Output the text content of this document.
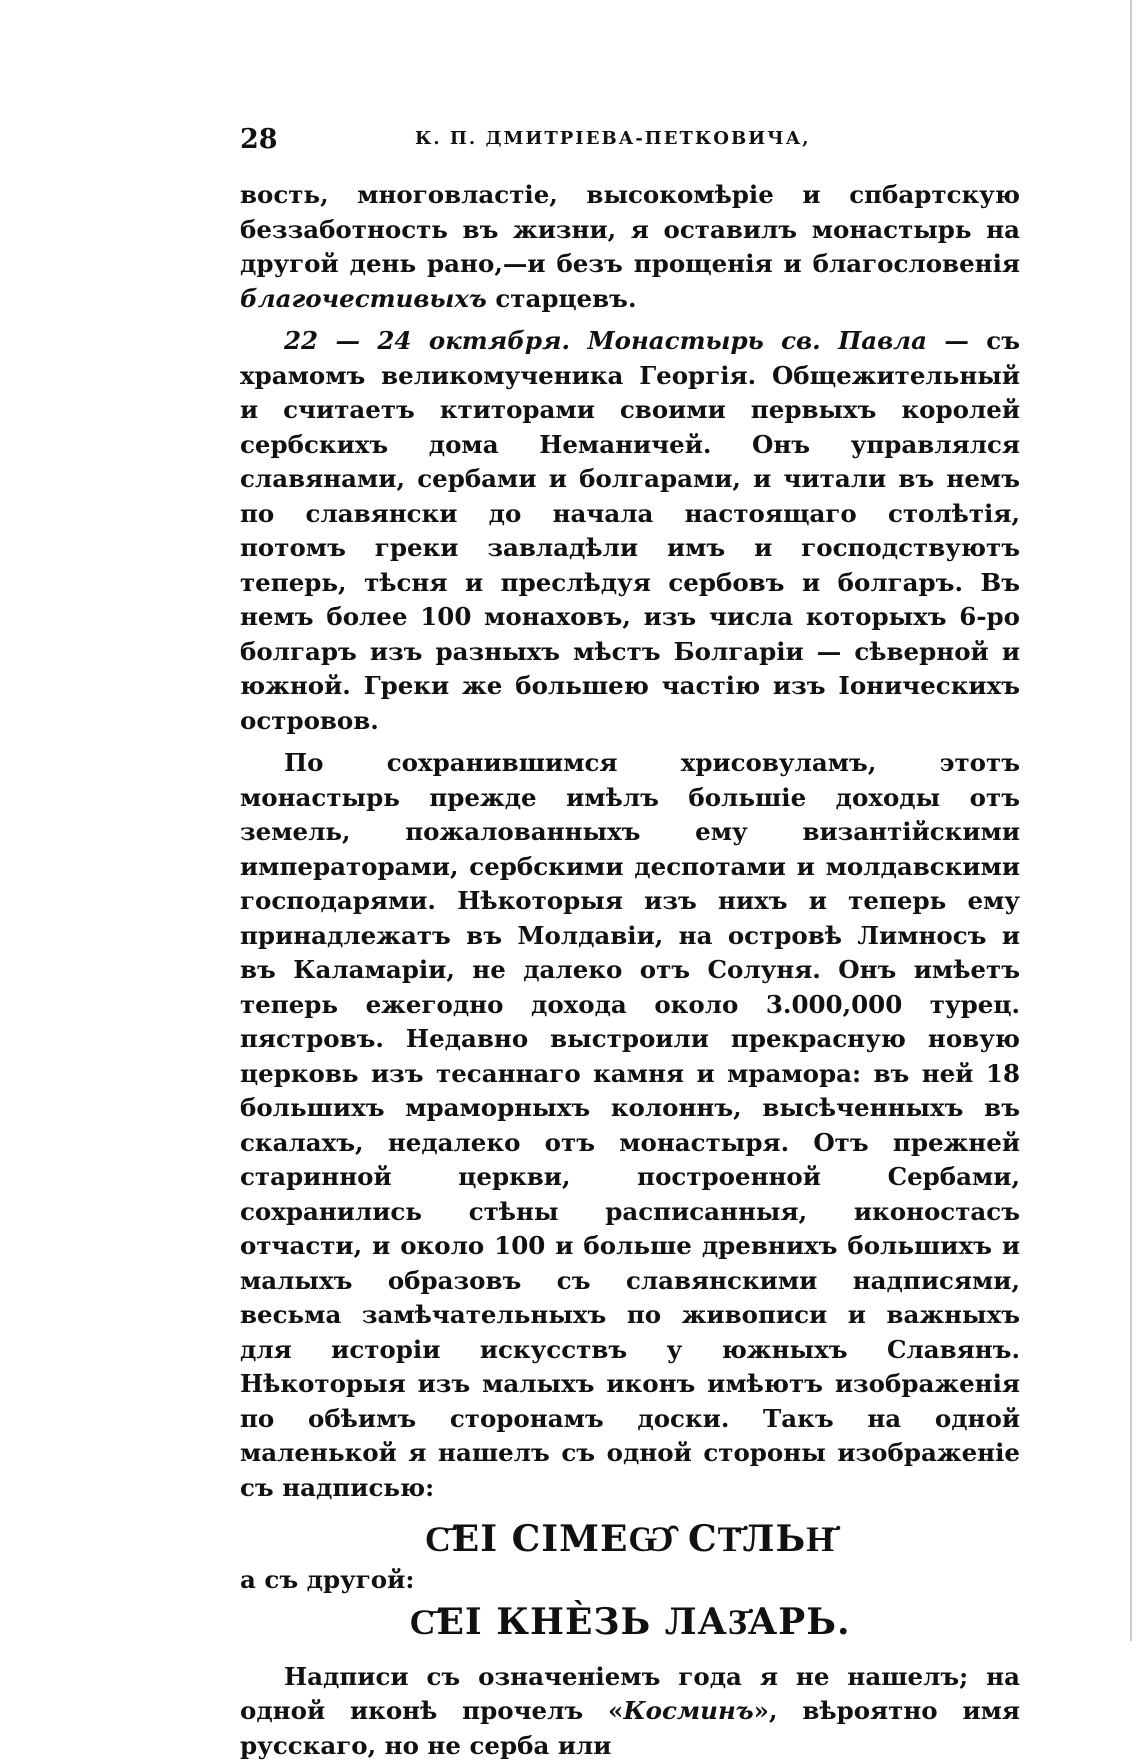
28	К. П. ДМИТРІЕВА-ПЕТКОВИЧА,

вость, многовластіе, высокомѣріе и спбартскую беззаботность въ жизни, я оставилъ монастырь на другой день рано,—и безъ прощенія и благословенія благочестивыхъ старцевъ.

22 — 24 октября. Монастырь св. Павла — съ храмомъ великомученика Георгія. Общежительный и считаетъ ктиторами своими первыхъ королей сербскихъ дома Неманичей. Онъ управлялся славянами, сербами и болгарами, и читали въ немъ по славянски до начала настоящаго столѣтія, потомъ греки завладѣли имъ и господствуютъ теперь, тѣсня и преслѣдуя сербовъ и болгаръ. Въ немъ более 100 монаховъ, изъ числа которыхъ 6-ро болгаръ изъ разныхъ мѣстъ Болгаріи — сѣверной и южной. Греки же большею частію изъ Іоническихъ островов.

По сохранившимся хрисовуламъ, этотъ монастырь прежде имѣлъ большіе доходы отъ земель, пожалованныхъ ему византійскими императорами, сербскими деспотами и молдавскими господарями. Нѣкоторыя изъ нихъ и теперь ему принадлежатъ въ Молдавіи, на островѣ Лимносъ и въ Каламаріи, не далеко отъ Солуня. Онъ имѣетъ теперь ежегодно дохода около 3.000,000 турец. пястровъ. Недавно выстроили прекрасную новую церковь изъ тесаннаго камня и мрамора: въ ней 18 большихъ мраморныхъ колоннъ, высѣченныхъ въ скалахъ, недалеко отъ монастыря. Отъ прежней старинной церкви, построенной Сербами, сохранились стѣны расписанныя, иконостасъ отчасти, и около 100 и больше древнихъ большихъ и малыхъ образовъ съ славянскими надписями, весьма замѣчательныхъ по живописи и важныхъ для исторіи искусствъ у южныхъ Славянъ. Нѣкоторыя изъ малыхъ иконъ имѣютъ изображенія по обѣимъ сторонамъ доски. Такъ на одной маленькой я нашелъ съ одной стороны изображеніе съ надписью:

С҃ЕІ СІМЕѠ̑ СТ҃ЛЬН҃

а съ другой:

С҃ЕІ КНЀЗЬ ЛАЗ҃АРЬ.

Надписи съ означеніемъ года я не нашелъ; на одной иконѣ прочелъ «Косминъ», вѣроятно имя русскаго, но не серба или
